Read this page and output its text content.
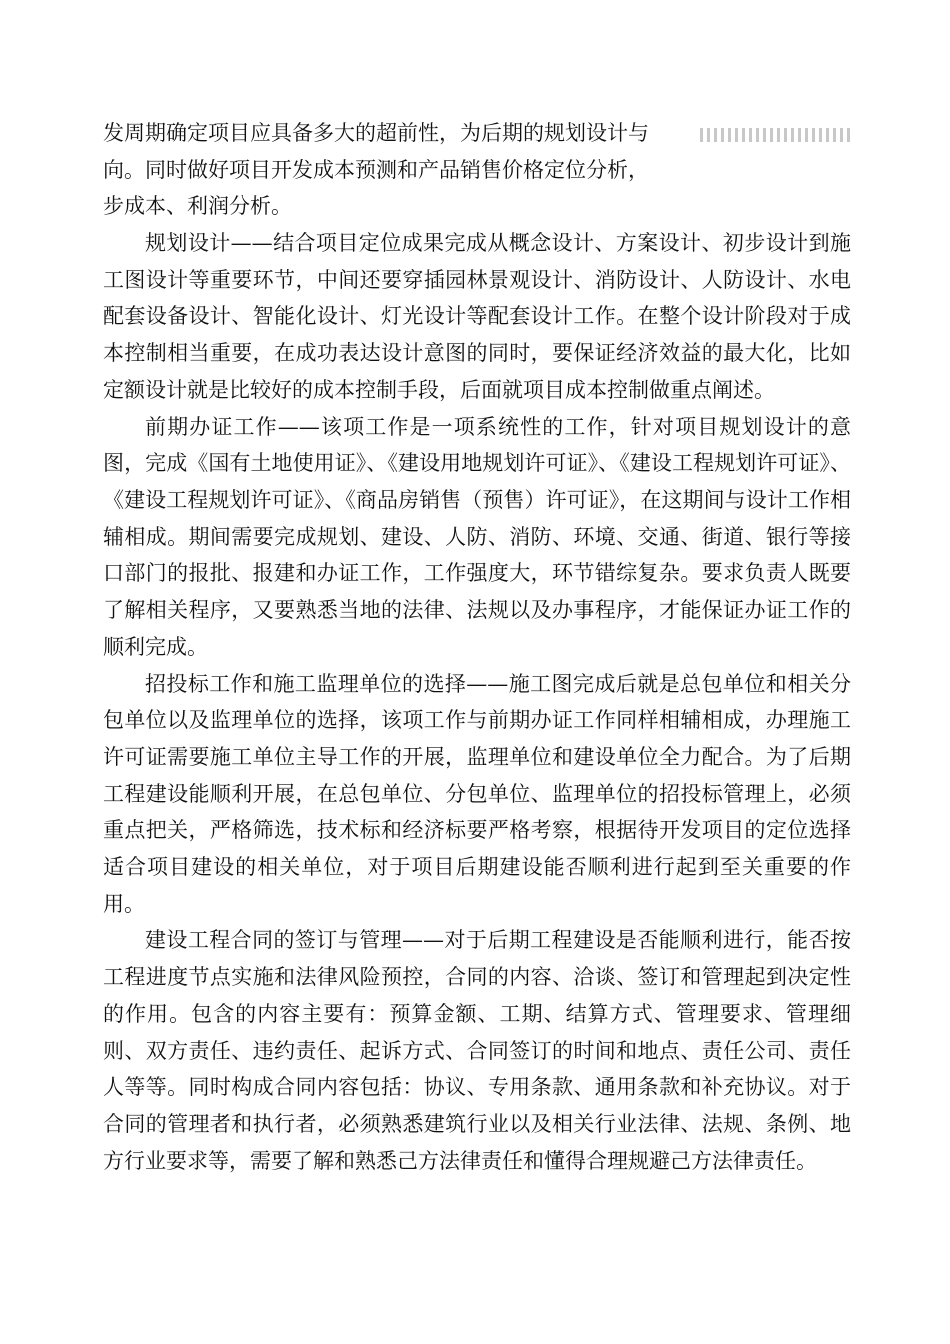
发周期确定项目应具备多大的超前性，为后期的规划设计与
向。同时做好项目开发成本预测和产品销售价格定位分析，
步成本、利润分析。

规划设计——结合项目定位成果完成从概念设计、方案设计、初步设计到施工图设计等重要环节，中间还要穿插园林景观设计、消防设计、人防设计、水电配套设备设计、智能化设计、灯光设计等配套设计工作。在整个设计阶段对于成本控制相当重要，在成功表达设计意图的同时，要保证经济效益的最大化，比如定额设计就是比较好的成本控制手段，后面就项目成本控制做重点阐述。

前期办证工作——该项工作是一项系统性的工作，针对项目规划设计的意图，完成《国有土地使用证》、《建设用地规划许可证》、《建设工程规划许可证》、《建设工程规划许可证》、《商品房销售（预售）许可证》，在这期间与设计工作相辅相成。期间需要完成规划、建设、人防、消防、环境、交通、街道、银行等接口部门的报批、报建和办证工作，工作强度大，环节错综复杂。要求负责人既要了解相关程序，又要熟悉当地的法律、法规以及办事程序，才能保证办证工作的顺利完成。

招投标工作和施工监理单位的选择——施工图完成后就是总包单位和相关分包单位以及监理单位的选择，该项工作与前期办证工作同样相辅相成，办理施工许可证需要施工单位主导工作的开展，监理单位和建设单位全力配合。为了后期工程建设能顺利开展，在总包单位、分包单位、监理单位的招投标管理上，必须重点把关，严格筛选，技术标和经济标要严格考察，根据待开发项目的定位选择适合项目建设的相关单位，对于项目后期建设能否顺利进行起到至关重要的作用。

建设工程合同的签订与管理——对于后期工程建设是否能顺利进行，能否按工程进度节点实施和法律风险预控，合同的内容、洽谈、签订和管理起到决定性的作用。包含的内容主要有：预算金额、工期、结算方式、管理要求、管理细则、双方责任、违约责任、起诉方式、合同签订的时间和地点、责任公司、责任人等等。同时构成合同内容包括：协议、专用条款、通用条款和补充协议。对于合同的管理者和执行者，必须熟悉建筑行业以及相关行业法律、法规、条例、地方行业要求等，需要了解和熟悉己方法律责任和懂得合理规避己方法律责任。
